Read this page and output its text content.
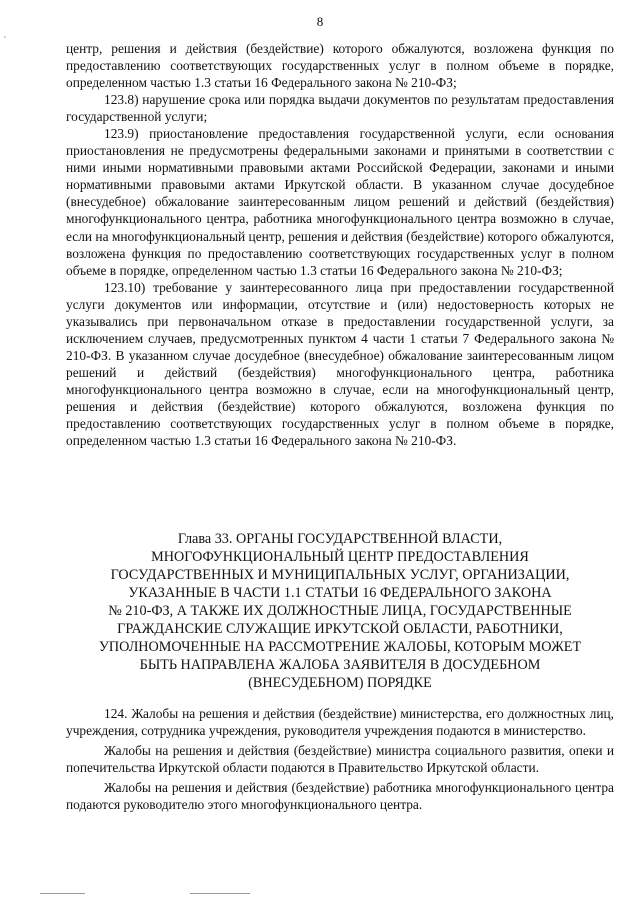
8

центр, решения и действия (бездействие) которого обжалуются, возложена функция по предоставлению соответствующих государственных услуг в полном объеме в порядке, определенном частью 1.3 статьи 16 Федерального закона № 210-ФЗ;

123.8) нарушение срока или порядка выдачи документов по результатам предоставления государственной услуги;

123.9) приостановление предоставления государственной услуги, если основания приостановления не предусмотрены федеральными законами и принятыми в соответствии с ними иными нормативными правовыми актами Российской Федерации, законами и иными нормативными правовыми актами Иркутской области. В указанном случае досудебное (внесудебное) обжалование заинтересованным лицом решений и действий (бездействия) многофункционального центра, работника многофункционального центра возможно в случае, если на многофункциональный центр, решения и действия (бездействие) которого обжалуются, возложена функция по предоставлению соответствующих государственных услуг в полном объеме в порядке, определенном частью 1.3 статьи 16 Федерального закона № 210-ФЗ;

123.10) требование у заинтересованного лица при предоставлении государственной услуги документов или информации, отсутствие и (или) недостоверность которых не указывались при первоначальном отказе в предоставлении государственной услуги, за исключением случаев, предусмотренных пунктом 4 части 1 статьи 7 Федерального закона № 210-ФЗ. В указанном случае досудебное (внесудебное) обжалование заинтересованным лицом решений и действий (бездействия) многофункционального центра, работника многофункционального центра возможно в случае, если на многофункциональный центр, решения и действия (бездействие) которого обжалуются, возложена функция по предоставлению соответствующих государственных услуг в полном объеме в порядке, определенном частью 1.3 статьи 16 Федерального закона № 210-ФЗ.

Глава 33. ОРГАНЫ ГОСУДАРСТВЕННОЙ ВЛАСТИ,
МНОГОФУНКЦИОНАЛЬНЫЙ ЦЕНТР ПРЕДОСТАВЛЕНИЯ
ГОСУДАРСТВЕННЫХ И МУНИЦИПАЛЬНЫХ УСЛУГ, ОРГАНИЗАЦИИ,
УКАЗАННЫЕ В ЧАСТИ 1.1 СТАТЬИ 16 ФЕДЕРАЛЬНОГО ЗАКОНА
№ 210-ФЗ, А ТАКЖЕ ИХ ДОЛЖНОСТНЫЕ ЛИЦА, ГОСУДАРСТВЕННЫЕ
ГРАЖДАНСКИЕ СЛУЖАЩИЕ ИРКУТСКОЙ ОБЛАСТИ, РАБОТНИКИ,
УПОЛНОМОЧЕННЫЕ НА РАССМОТРЕНИЕ ЖАЛОБЫ, КОТОРЫМ МОЖЕТ
БЫТЬ НАПРАВЛЕНА ЖАЛОБА ЗАЯВИТЕЛЯ В ДОСУДЕБНОМ
(ВНЕСУДЕБНОМ) ПОРЯДКЕ

124. Жалобы на решения и действия (бездействие) министерства, его должностных лиц, учреждения, сотрудника учреждения, руководителя учреждения подаются в министерство.

Жалобы на решения и действия (бездействие) министра социального развития, опеки и попечительства Иркутской области подаются в Правительство Иркутской области.

Жалобы на решения и действия (бездействие) работника многофункционального центра подаются руководителю этого многофункционального центра.
